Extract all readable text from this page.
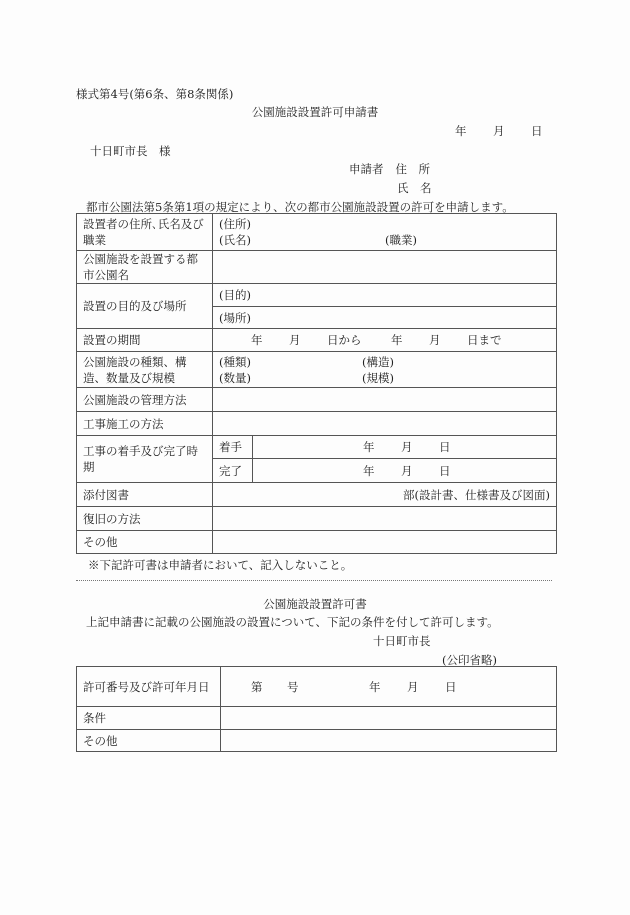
様式第4号(第6条、第8条関係)
公園施設設置許可申請書
年 月 日
十日町市長　様
申請者 住　所
氏　名
都市公園法第5条第1項の規定により、次の都市公園施設設置の許可を申請します。
設置者の住所､氏名及び職業	(住所)
(氏名) (職業)	

公園施設を設置する都市公園名		
設置の目的及び場所	(目的)	
	(場所)	
設置の期間	年 月 日から 年 月 日まで	
公園施設の種類、構造、数量及び規模	(種類) (構造)
(数量) (規模)	

公園施設の管理方法		
工事施工の方法		
工事の着手及び完了時期	着手	年 月 日
	完了	年 月 日
添付図書	部(設計書、仕様書及び図面)	
復旧の方法		
その他		
※下記許可書は申請者において、記入しないこと。
公園施設設置許可書
上記申請書に記載の公園施設の設置について、下記の条件を付して許可します。
十日町市長
(公印省略)
許可番号及び許可年月日	第 号 年 月 日
条件	
その他	
